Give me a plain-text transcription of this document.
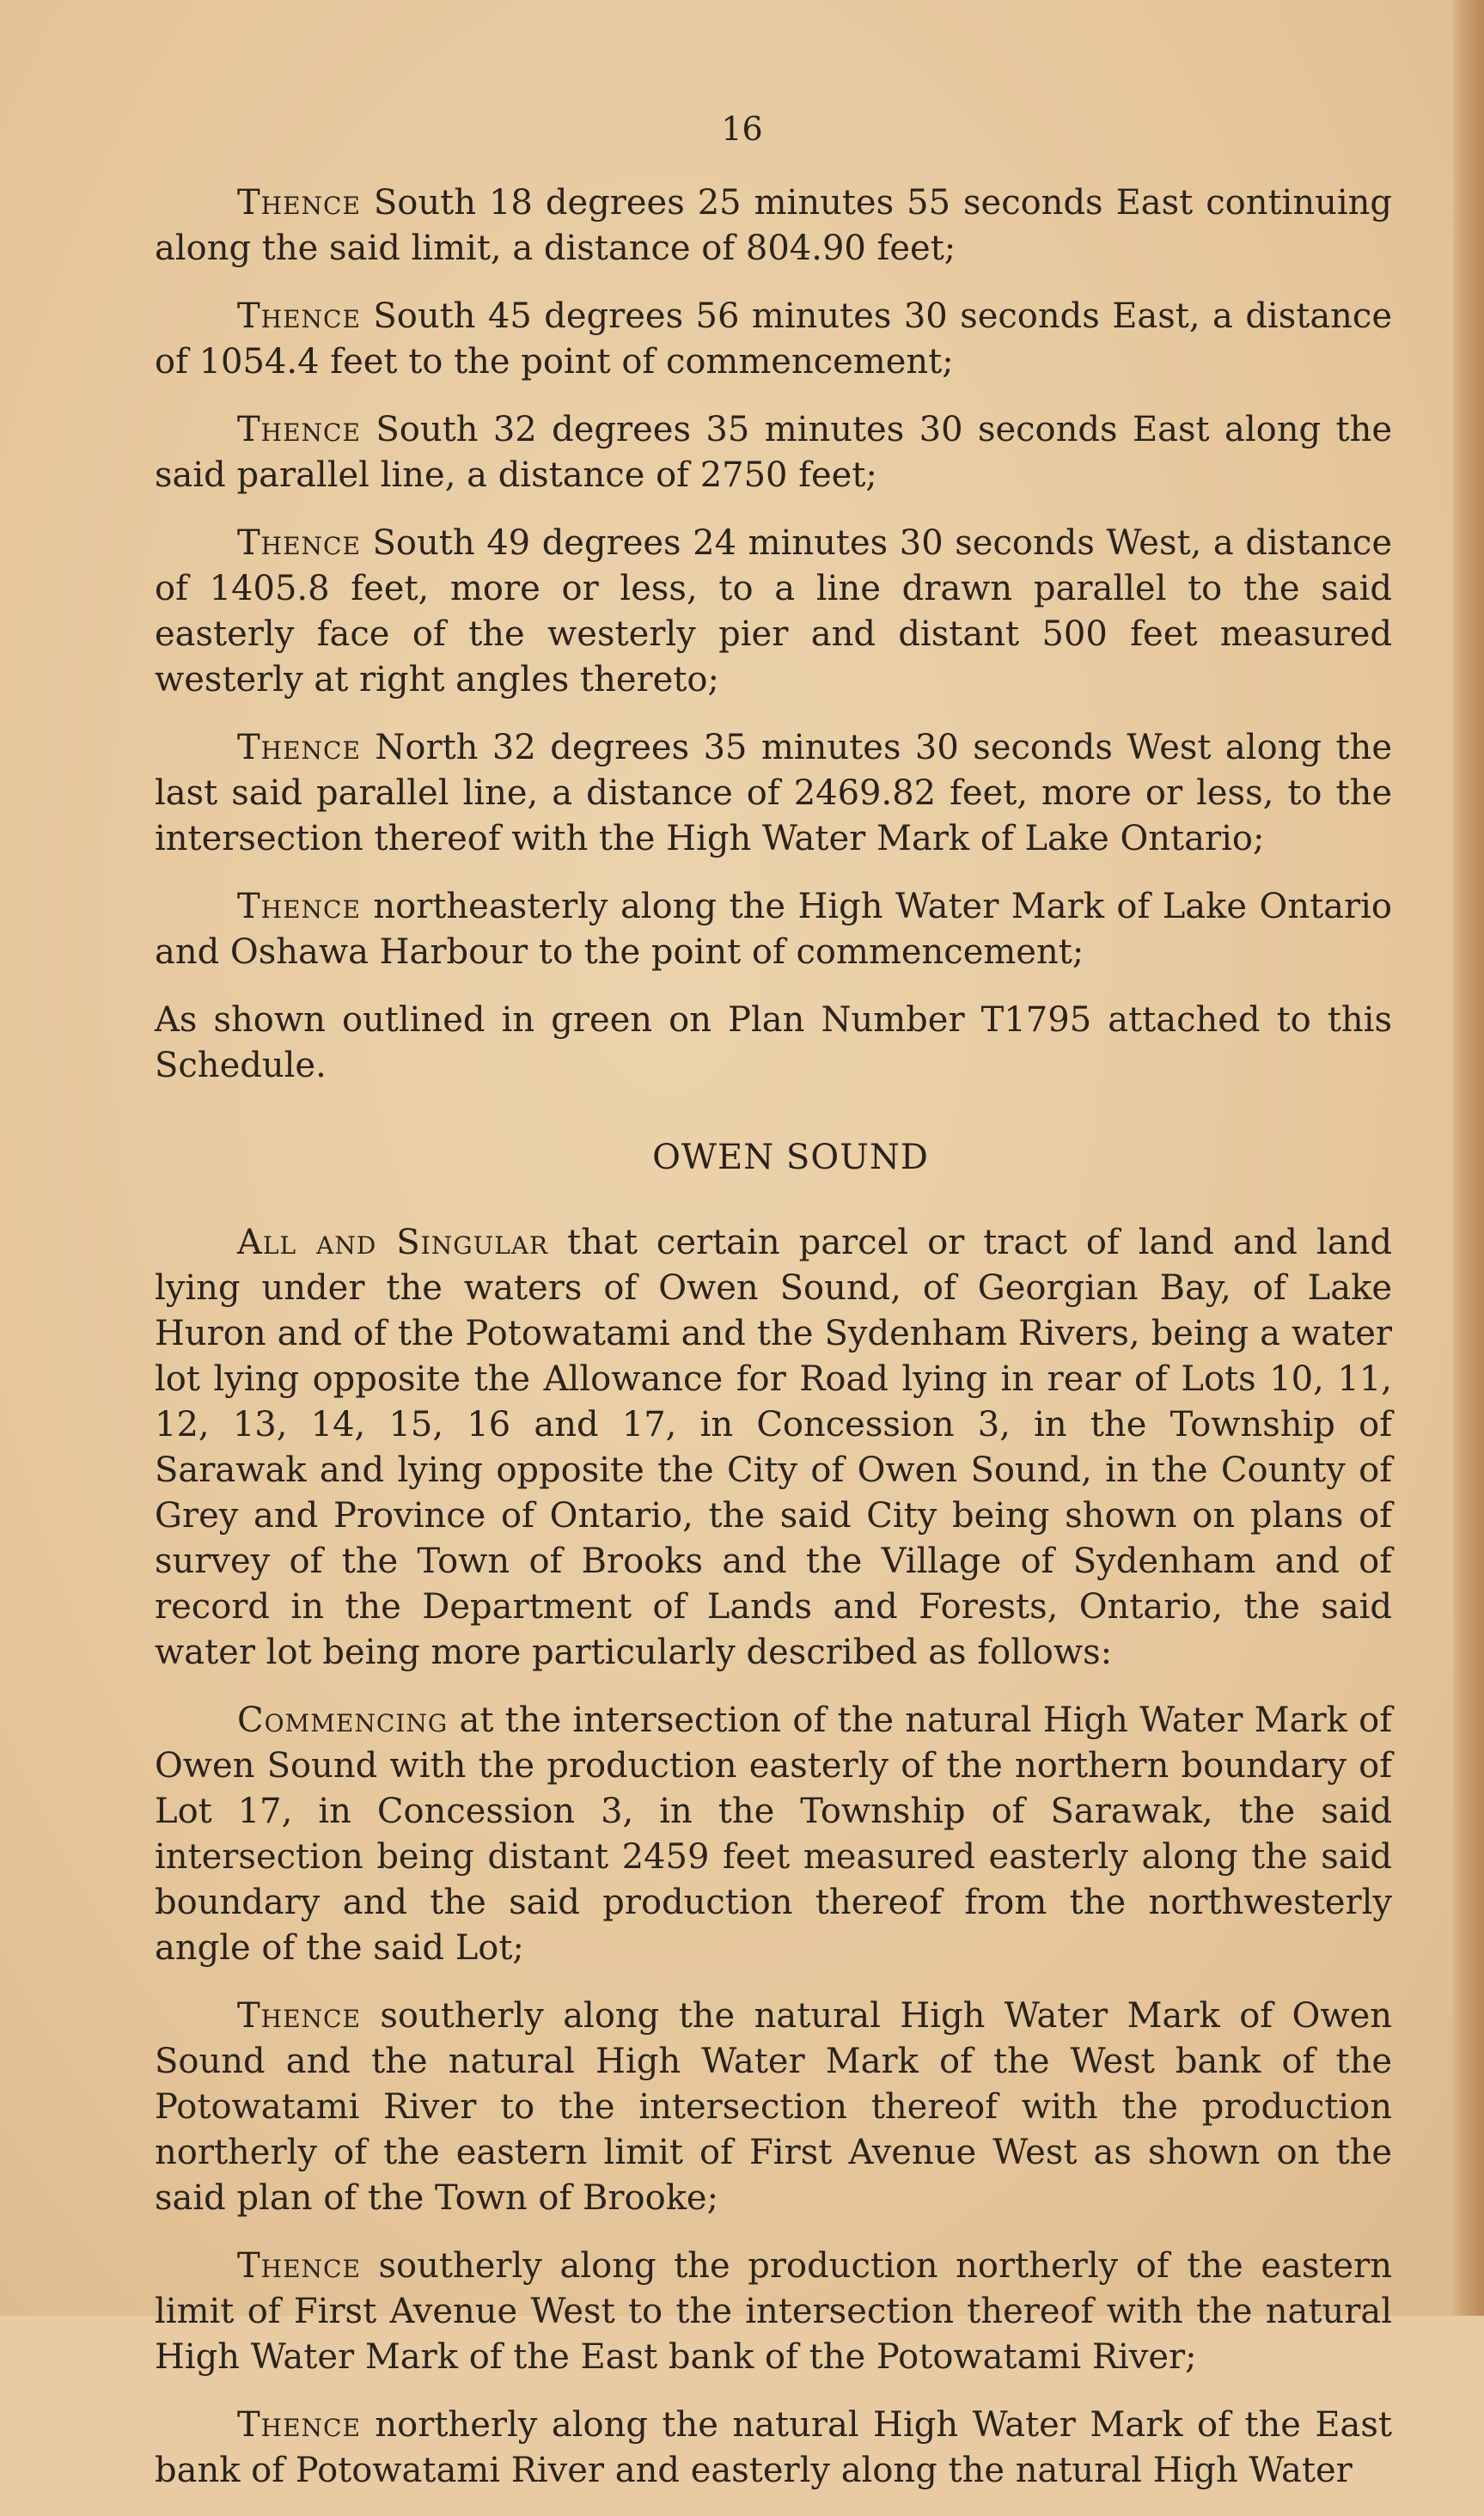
16

Thence South 18 degrees 25 minutes 55 seconds East continuing along the said limit, a distance of 804.90 feet;

Thence South 45 degrees 56 minutes 30 seconds East, a distance of 1054.4 feet to the point of commencement;

Thence South 32 degrees 35 minutes 30 seconds East along the said parallel line, a distance of 2750 feet;

Thence South 49 degrees 24 minutes 30 seconds West, a distance of 1405.8 feet, more or less, to a line drawn parallel to the said easterly face of the westerly pier and distant 500 feet measured westerly at right angles thereto;

Thence North 32 degrees 35 minutes 30 seconds West along the last said parallel line, a distance of 2469.82 feet, more or less, to the intersection thereof with the High Water Mark of Lake Ontario;

Thence northeasterly along the High Water Mark of Lake Ontario and Oshawa Harbour to the point of commencement;

As shown outlined in green on Plan Number T1795 attached to this Schedule.

OWEN SOUND

All and Singular that certain parcel or tract of land and land lying under the waters of Owen Sound, of Georgian Bay, of Lake Huron and of the Potowatami and the Sydenham Rivers, being a water lot lying opposite the Allowance for Road lying in rear of Lots 10, 11, 12, 13, 14, 15, 16 and 17, in Concession 3, in the Township of Sarawak and lying opposite the City of Owen Sound, in the County of Grey and Province of Ontario, the said City being shown on plans of survey of the Town of Brooks and the Village of Sydenham and of record in the Department of Lands and Forests, Ontario, the said water lot being more particularly described as follows:

Commencing at the intersection of the natural High Water Mark of Owen Sound with the production easterly of the northern boundary of Lot 17, in Concession 3, in the Township of Sarawak, the said intersection being distant 2459 feet measured easterly along the said boundary and the said production thereof from the northwesterly angle of the said Lot;

Thence southerly along the natural High Water Mark of Owen Sound and the natural High Water Mark of the West bank of the Potowatami River to the intersection thereof with the production northerly of the eastern limit of First Avenue West as shown on the said plan of the Town of Brooke;

Thence southerly along the production northerly of the eastern limit of First Avenue West to the intersection thereof with the natural High Water Mark of the East bank of the Potowatami River;

Thence northerly along the natural High Water Mark of the East bank of Potowatami River and easterly along the natural High Water
